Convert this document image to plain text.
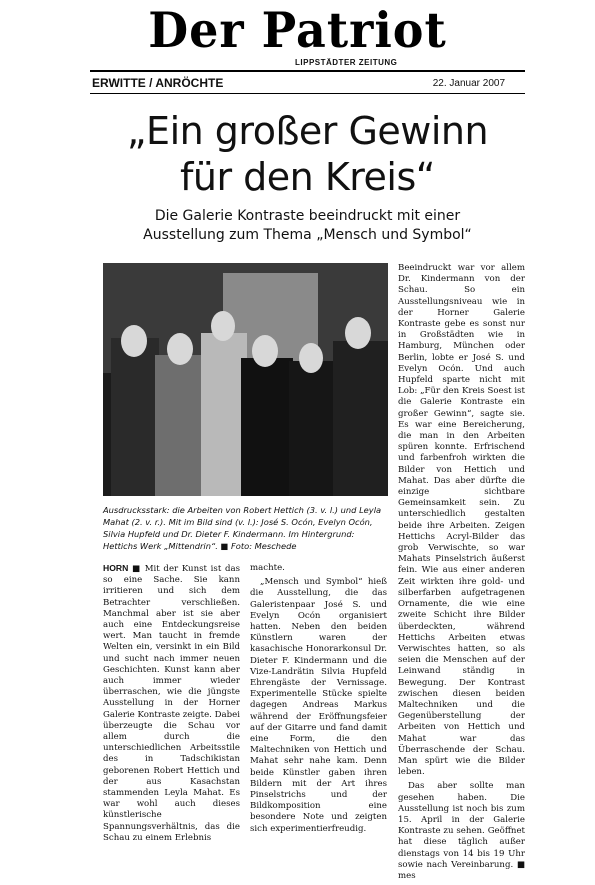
Der Patriot
LIPPSTÄDTER ZEITUNG
ERWITTE / ANRÖCHTE	22. Januar 2007
„Ein großer Gewinn
für den Kreis“
Die Galerie Kontraste beeindruckt mit einer
Ausstellung zum Thema „Mensch und Symbol“
Ausdrucksstark: die Arbeiten von Robert Hettich (3. v. l.) und Leyla Mahat (2. v. r.). Mit im Bild sind (v. l.): José S. Ocón, Evelyn Ocón, Silvia Hupfeld und Dr. Dieter F. Kindermann. Im Hintergrund: Hettichs Werk „Mittendrin“. ■ Foto: Meschede

HORN ■ Mit der Kunst ist das so eine Sache. Sie kann irritieren und sich dem Betrachter verschließen. Manchmal aber ist sie aber auch eine Entdeckungsreise wert. Man taucht in fremde Welten ein, versinkt in ein Bild und sucht nach immer neuen Geschichten. Kunst kann aber auch immer wieder überraschen, wie die jüngste Ausstellung in der Horner Galerie Kontraste zeigte. Dabei überzeugte die Schau vor allem durch die unterschiedlichen Arbeitsstile des in Tadschikistan geborenen Robert Hettich und der aus Kasachstan stammenden Leyla Mahat. Es war wohl auch dieses künstlerische Spannungsverhältnis, das die Schau zu einem Erlebnis

machte.

„Mensch und Symbol“ hieß die Ausstellung, die das Galeristenpaar José S. und Evelyn Ocón organisiert hatten. Neben den beiden Künstlern waren der kasachische Honorarkonsul Dr. Dieter F. Kindermann und die Vize-Landrätin Silvia Hupfeld Ehrengäste der Vernissage. Experimentelle Stücke spielte dagegen Andreas Markus während der Eröffnungsfeier auf der Gitarre und fand damit eine Form, die den Maltechniken von Hettich und Mahat sehr nahe kam. Denn beide Künstler gaben ihren Bildern mit der Art ihres Pinselstrichs und der Bildkomposition eine besondere Note und zeigten sich experimentierfreudig.

Beeindruckt war vor allem Dr. Kindermann von der Schau. So ein Ausstellungsniveau wie in der Horner Galerie Kontraste gebe es sonst nur in Großstädten wie in Hamburg, München oder Berlin, lobte er José S. und Evelyn Ocón. Und auch Hupfeld sparte nicht mit Lob: „Für den Kreis Soest ist die Galerie Kontraste ein großer Gewinn“, sagte sie. Es war eine Bereicherung, die man in den Arbeiten spüren konnte. Erfrischend und farbenfroh wirkten die Bilder von Hettich und Mahat. Das aber dürfte die einzige sichtbare Gemeinsamkeit sein. Zu unterschiedlich gestalten beide ihre Arbeiten. Zeigen Hettichs Acryl-Bilder das grob Verwischte, so war Mahats Pinselstrich äußerst fein. Wie aus einer anderen Zeit wirkten ihre gold- und silberfarben aufgetragenen Ornamente, die wie eine zweite Schicht ihre Bilder überdeckten, während Hettichs Arbeiten etwas Verwischtes hatten, so als seien die Menschen auf der Leinwand ständig in Bewegung. Der Kontrast zwischen diesen beiden Maltechniken und die Gegenüberstellung der Arbeiten von Hettich und Mahat war das Überraschende der Schau. Man spürt wie die Bilder leben.

Das aber sollte man gesehen haben. Die Ausstellung ist noch bis zum 15. April in der Galerie Kontraste zu sehen. Geöffnet hat diese täglich außer dienstags von 14 bis 19 Uhr sowie nach Vereinbarung. ■ mes
